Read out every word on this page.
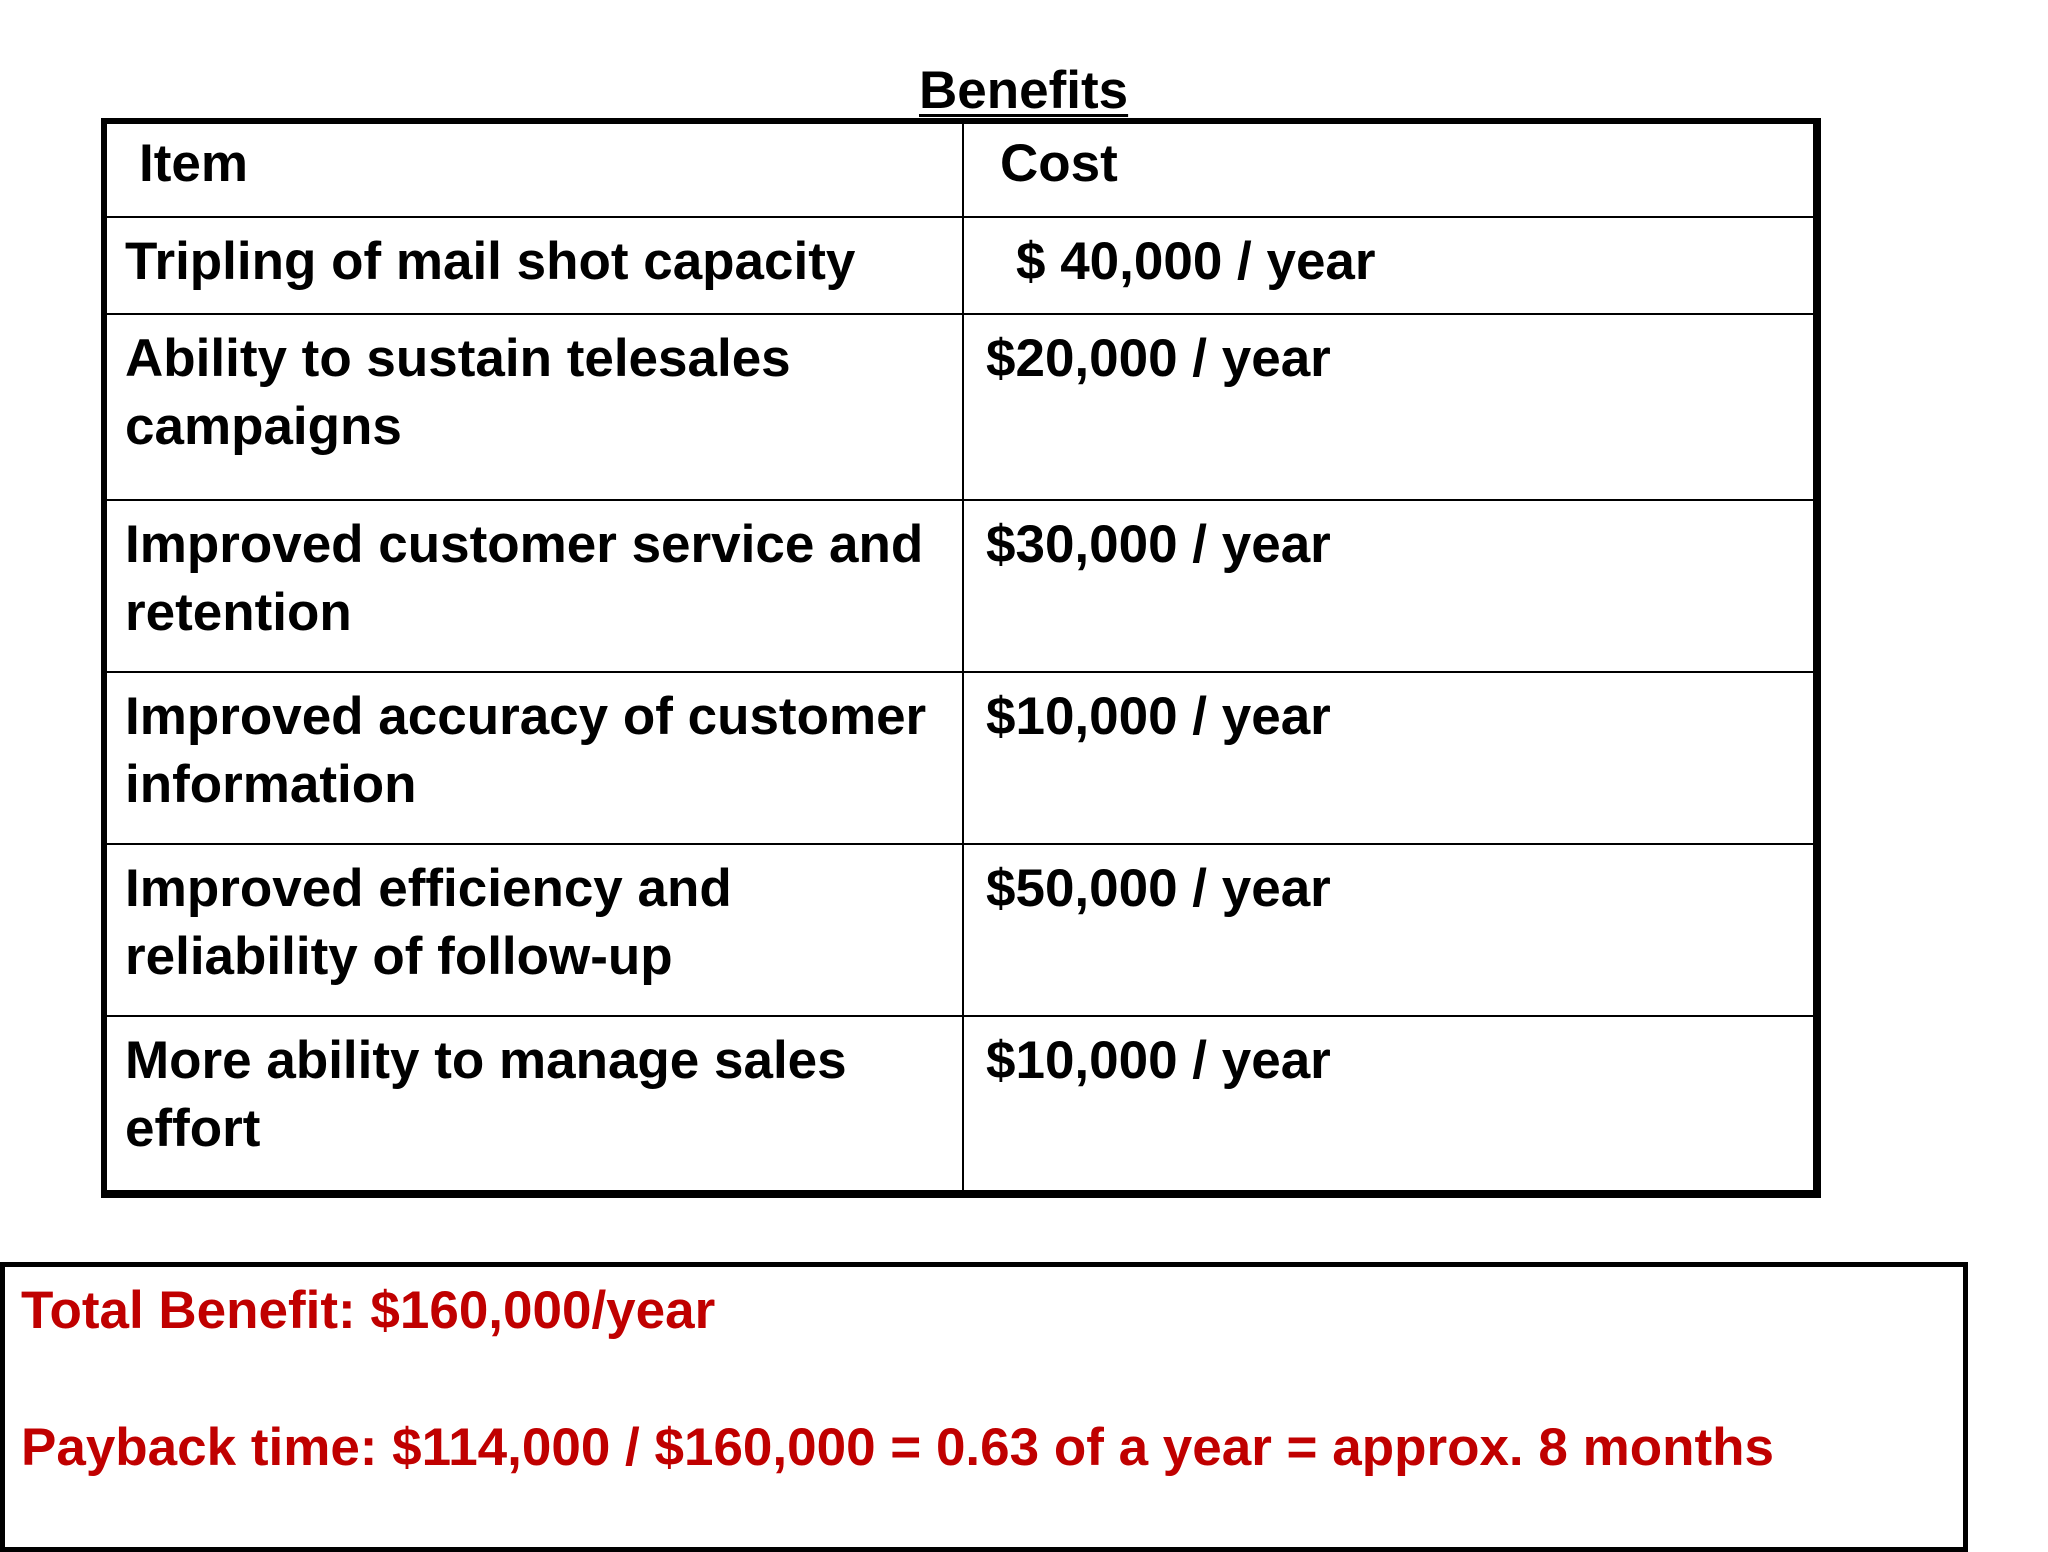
Benefits
Item	Cost

Tripling of mail shot capacity	$ 40,000 / year

Ability to sustain telesales campaigns	$20,000 / year

Improved customer service and retention	$30,000 / year

Improved accuracy of customer information	$10,000 / year

Improved efficiency and reliability of follow-up	$50,000 / year

More ability to manage sales effort	$10,000 / year
Total Benefit: $160,000/year
Payback time: $114,000 / $160,000 = 0.63 of a year = approx. 8 months
